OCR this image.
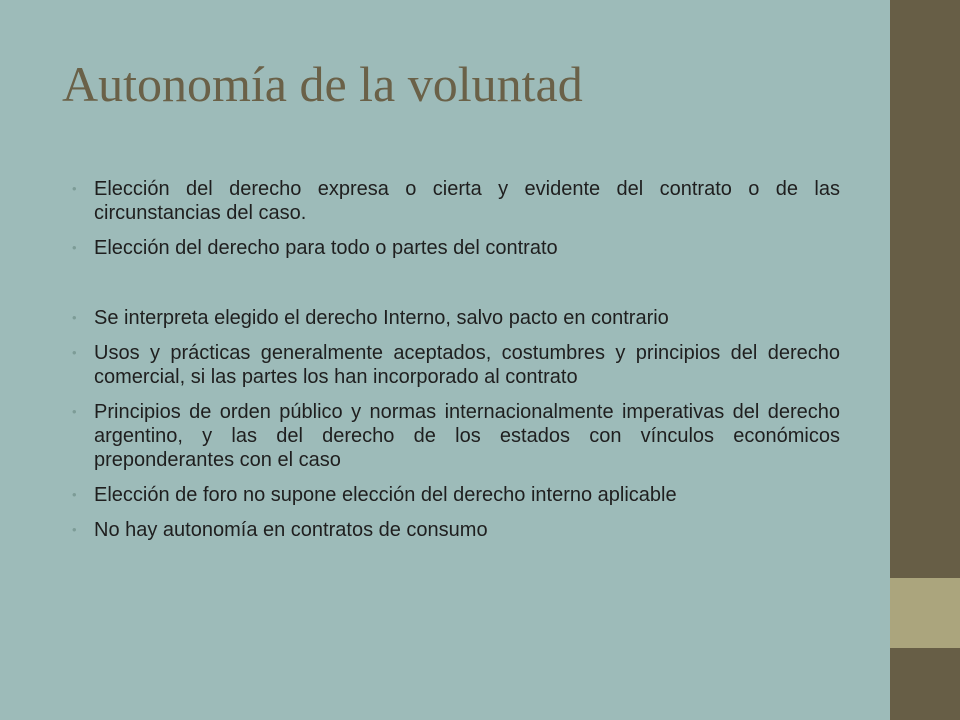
Autonomía de la voluntad
• Elección del derecho expresa o cierta y evidente del contrato o de las circunstancias del caso.
• Elección del derecho para todo o partes del contrato
• Se interpreta elegido el derecho Interno, salvo pacto en contrario
• Usos y prácticas generalmente aceptados, costumbres y principios del derecho comercial, si las partes los han incorporado al contrato
• Principios de orden público y normas internacionalmente imperativas del derecho argentino, y las del derecho de los estados con vínculos económicos preponderantes con el caso
• Elección de foro no supone elección del derecho interno aplicable
• No hay autonomía en contratos de consumo
